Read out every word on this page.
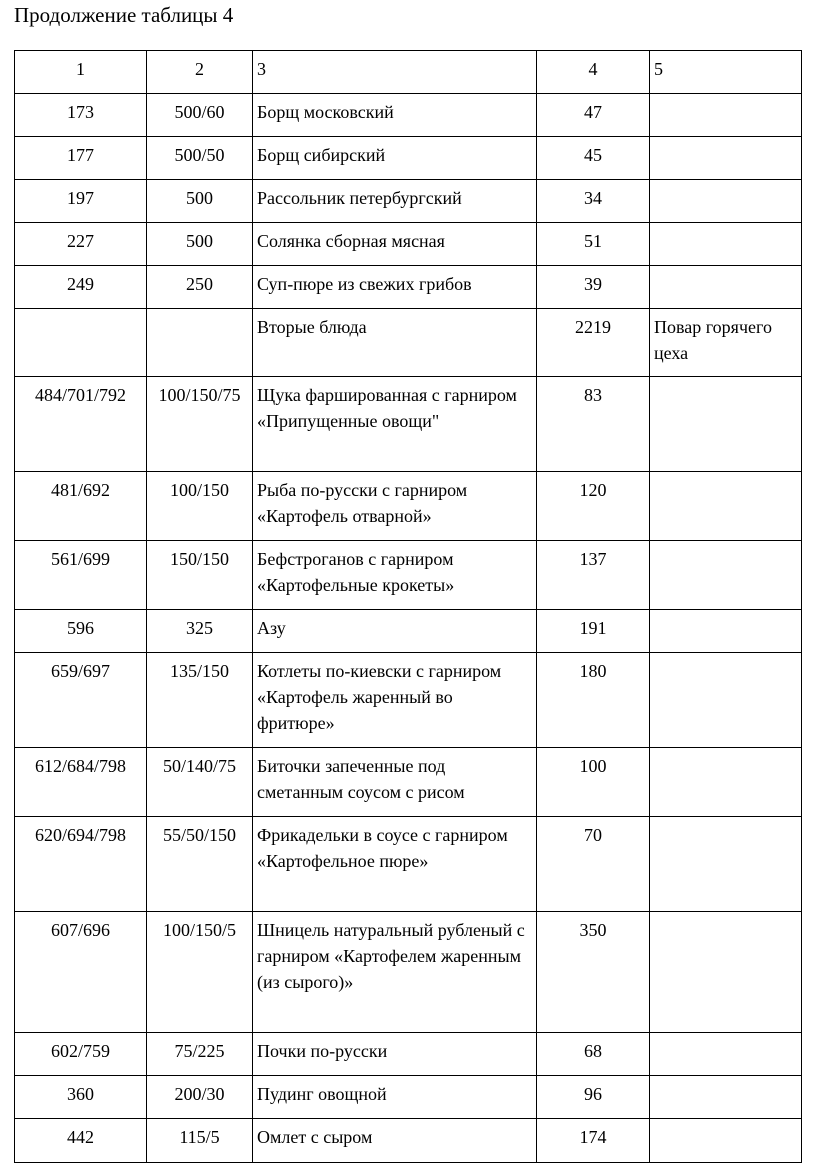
Продолжение таблицы 4
1	2	3	4	5
173	500/60	Борщ московский	47	
177	500/50	Борщ сибирский	45	
197	500	Рассольник петербургский	34	
227	500	Солянка сборная мясная	51	
249	250	Суп-пюре из свежих грибов	39	
		Вторые блюда	2219	Повар горячего цеха
484/701/792	100/150/75	Щука фаршированная с гарниром «Припущенные овощи"	83	
481/692	100/150	Рыба по-русски с гарниром «Картофель отварной»	120	
561/699	150/150	Бефстроганов с гарниром «Картофельные крокеты»	137	
596	325	Азу	191	
659/697	135/150	Котлеты по-киевски с гарниром «Картофель жаренный во фритюре»	180	
612/684/798	50/140/75	Биточки запеченные под сметанным соусом с рисом	100	
620/694/798	55/50/150	Фрикадельки в соусе с гарниром «Картофельное пюре»	70	
607/696	100/150/5	Шницель натуральный рубленый с гарниром «Картофелем жаренным (из сырого)»	350	
602/759	75/225	Почки по-русски	68	
360	200/30	Пудинг овощной	96	
442	115/5	Омлет с сыром	174	
